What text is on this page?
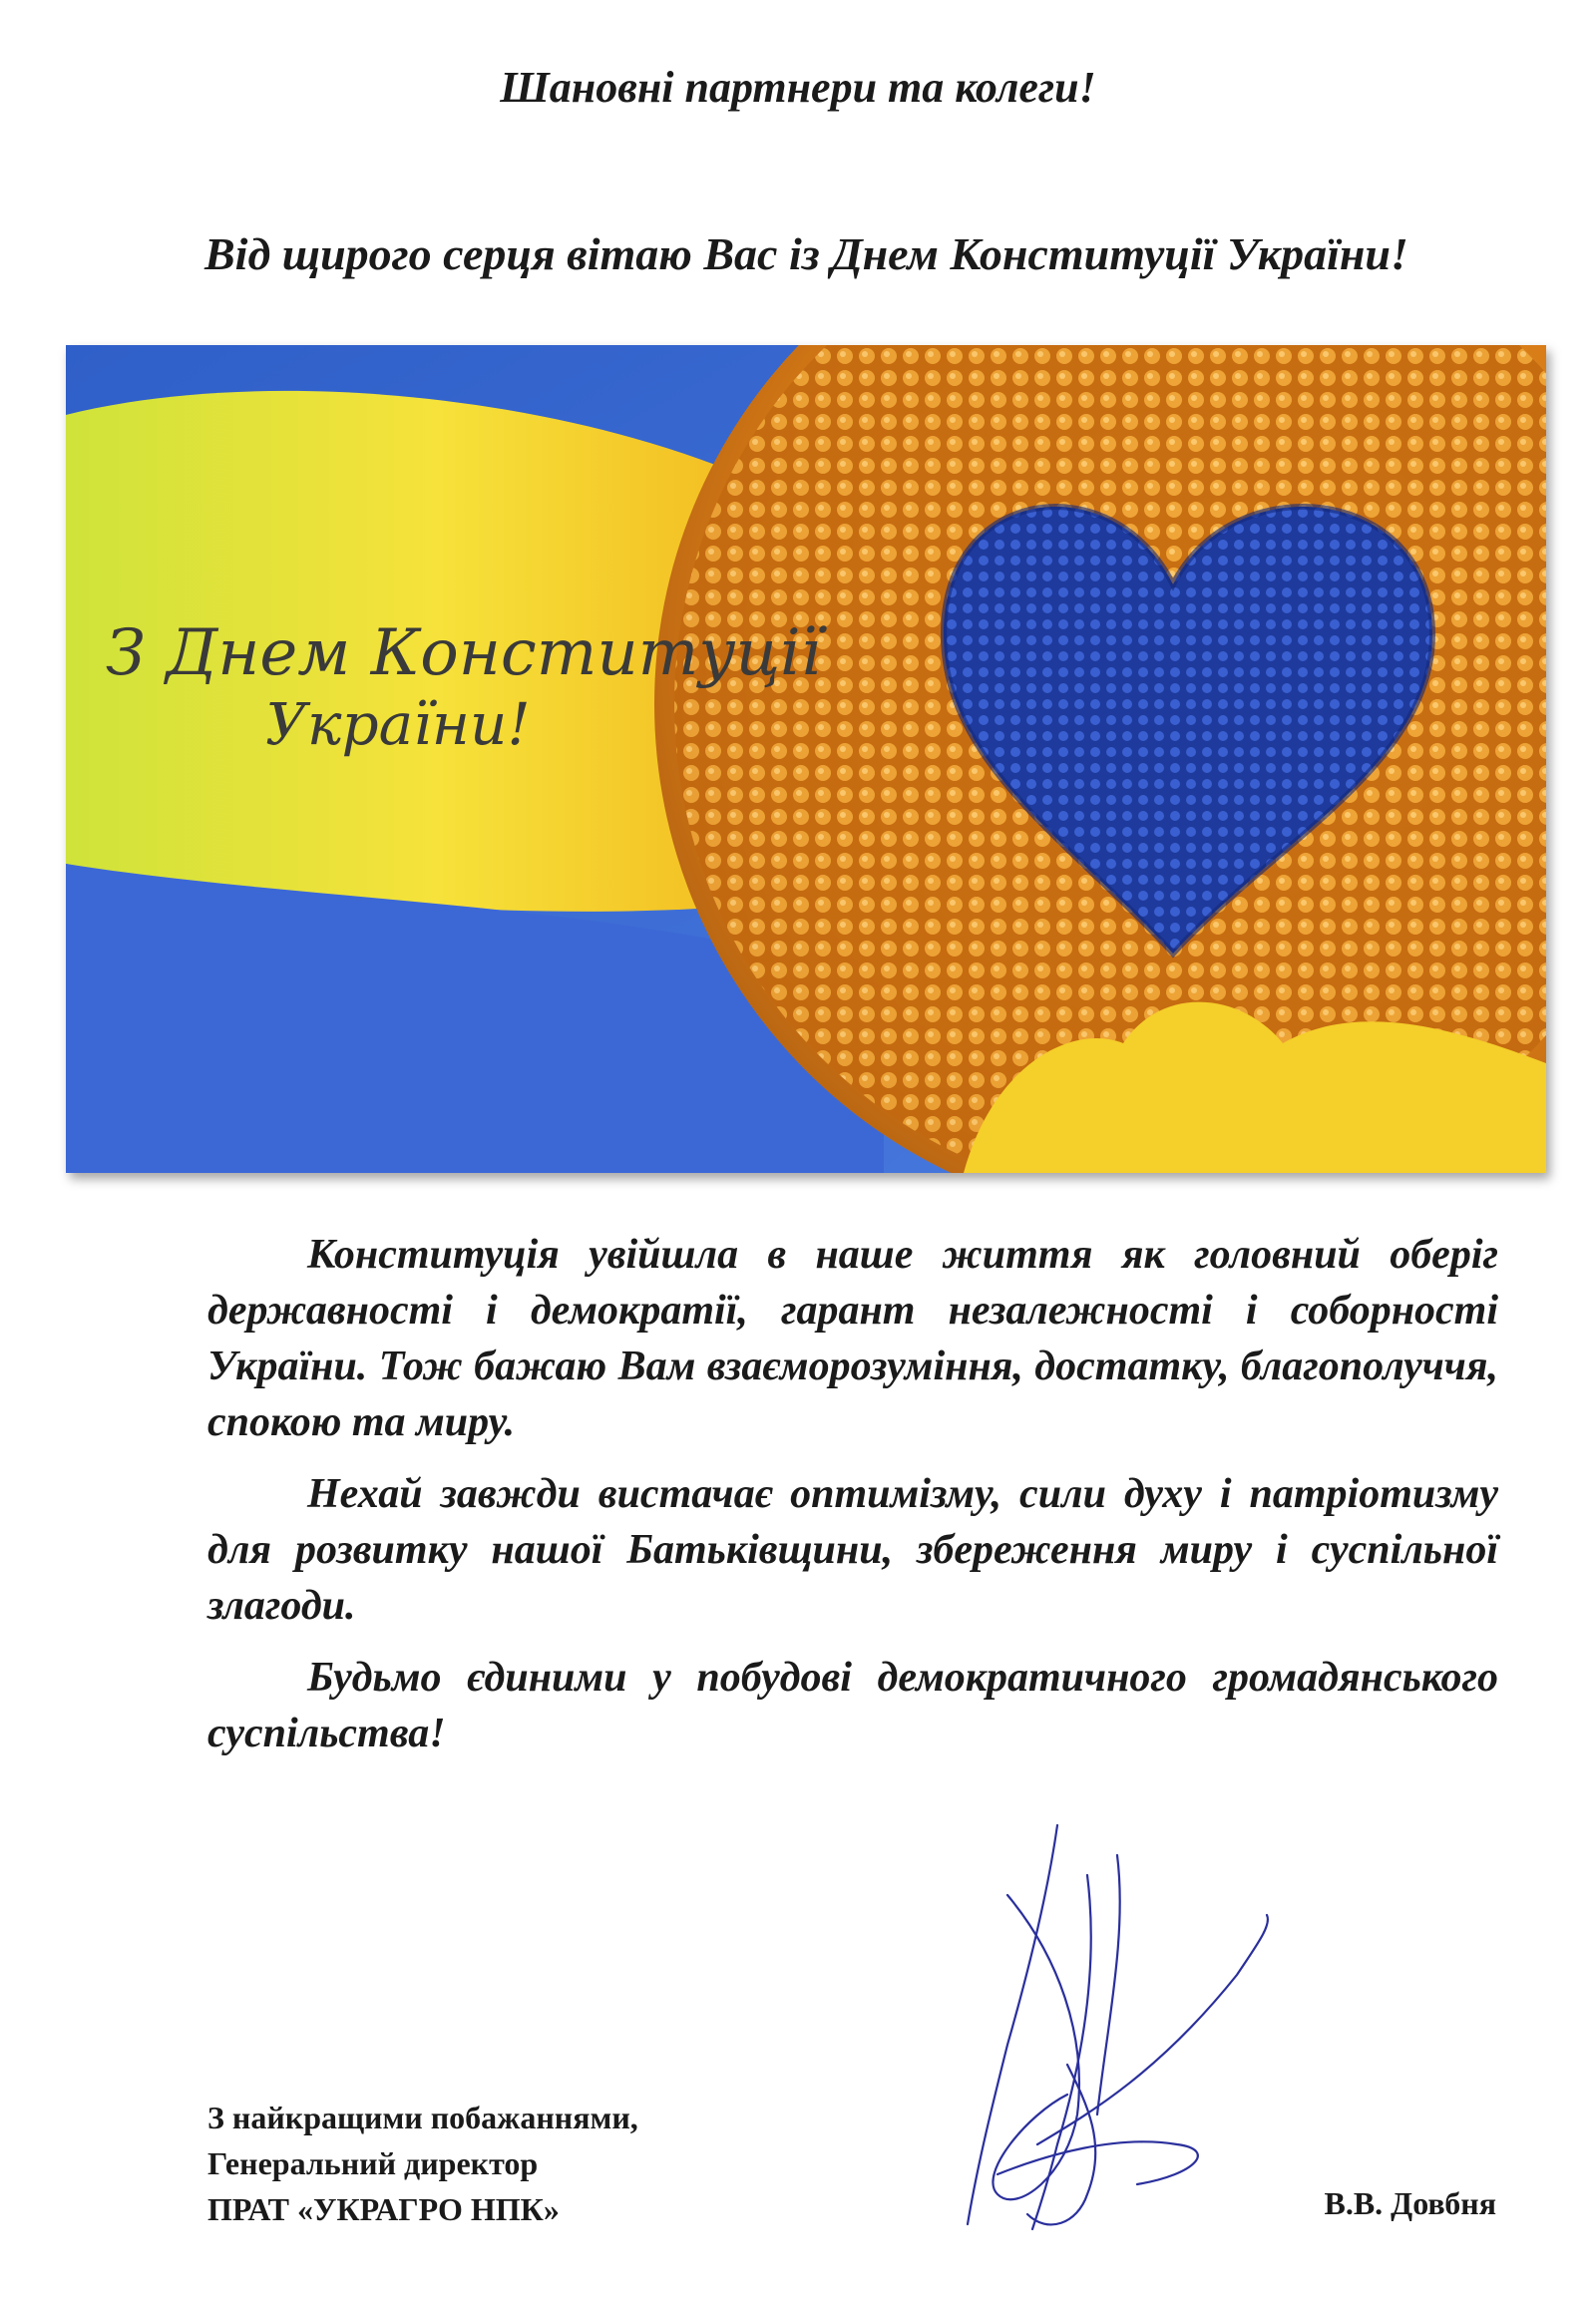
Шановні партнери та колеги!
Від щирого серця вітаю Вас із Днем Конституції України!
З Днем Конституції
України!

Конституція увійшла в наше життя як головний оберіг державності і демократії, гарант незалежності і соборності України. Тож бажаю Вам взаєморозуміння, достатку, благополуччя, спокою та миру.

Нехай завжди вистачає оптимізму, сили духу і патріотизму для розвитку нашої Батьківщини, збереження миру і суспільної злагоди.

Будьмо єдиними у побудові демократичного громадянського суспільства!

З найкращими побажаннями,
Генеральний директор
ПРАТ «УКРАГРО НПК»	В.В. Довбня
